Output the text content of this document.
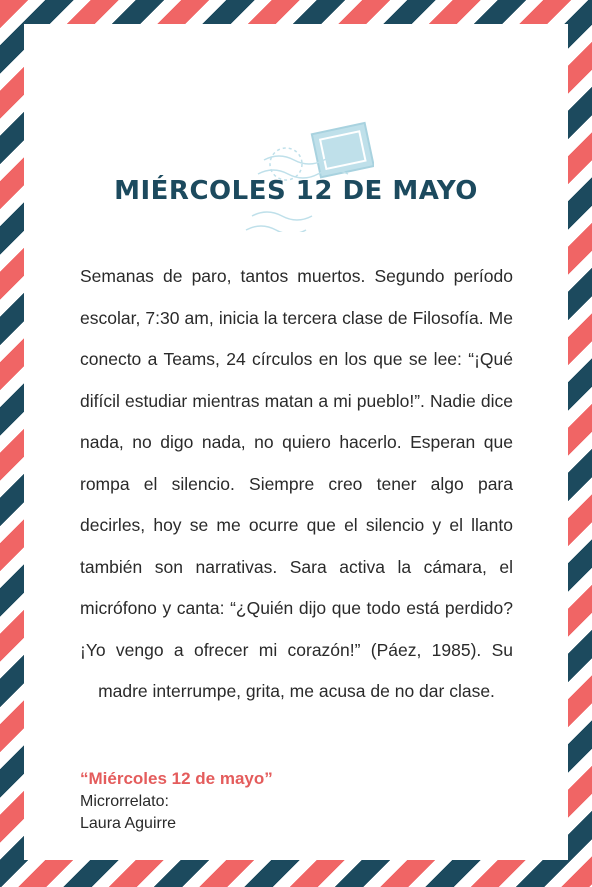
MIÉRCOLES 12 DE MAYO

Semanas de paro, tantos muertos. Segundo período escolar, 7:30 am, inicia la tercera clase de Filosofía. Me conecto a Teams, 24 círculos en los que se lee: “¡Qué difícil estudiar mientras matan a mi pueblo!”. Nadie dice nada, no digo nada, no quiero hacerlo. Esperan que rompa el silencio. Siempre creo tener algo para decirles, hoy se me ocurre que el silencio y el llanto también son narrativas. Sara activa la cámara, el micrófono y canta: “¿Quién dijo que todo está perdido? ¡Yo vengo a ofrecer mi corazón!” (Páez, 1985). Su madre interrumpe, grita, me acusa de no dar clase.

“Miércoles 12 de mayo”
Microrrelato:
Laura Aguirre
